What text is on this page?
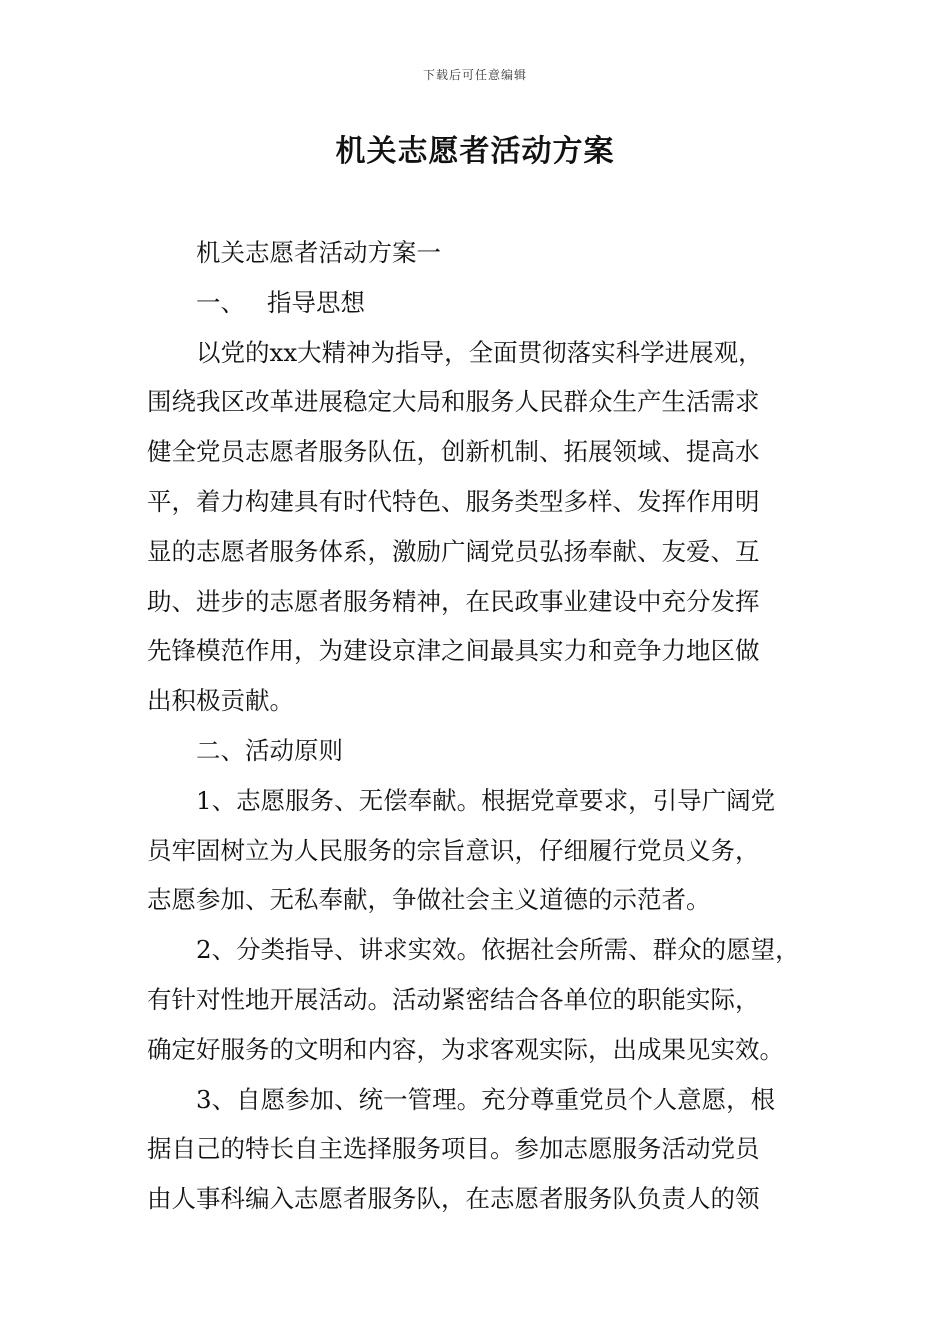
下载后可任意编辑
机关志愿者活动方案
机关志愿者活动方案一
一、 指导思想
以党的xx大精神为指导，全面贯彻落实科学进展观，
围绕我区改革进展稳定大局和服务人民群众生产生活需求
健全党员志愿者服务队伍，创新机制、拓展领域、提高水
平，着力构建具有时代特色、服务类型多样、发挥作用明
显的志愿者服务体系，激励广阔党员弘扬奉献、友爱、互
助、进步的志愿者服务精神，在民政事业建设中充分发挥
先锋模范作用，为建设京津之间最具实力和竞争力地区做
出积极贡献。
二、活动原则
1、志愿服务、无偿奉献。根据党章要求，引导广阔党
员牢固树立为人民服务的宗旨意识，仔细履行党员义务，
志愿参加、无私奉献，争做社会主义道德的示范者。
2、分类指导、讲求实效。依据社会所需、群众的愿望，
有针对性地开展活动。活动紧密结合各单位的职能实际，
确定好服务的文明和内容，为求客观实际，出成果见实效。
3、自愿参加、统一管理。充分尊重党员个人意愿，根
据自己的特长自主选择服务项目。参加志愿服务活动党员
由人事科编入志愿者服务队，在志愿者服务队负责人的领
